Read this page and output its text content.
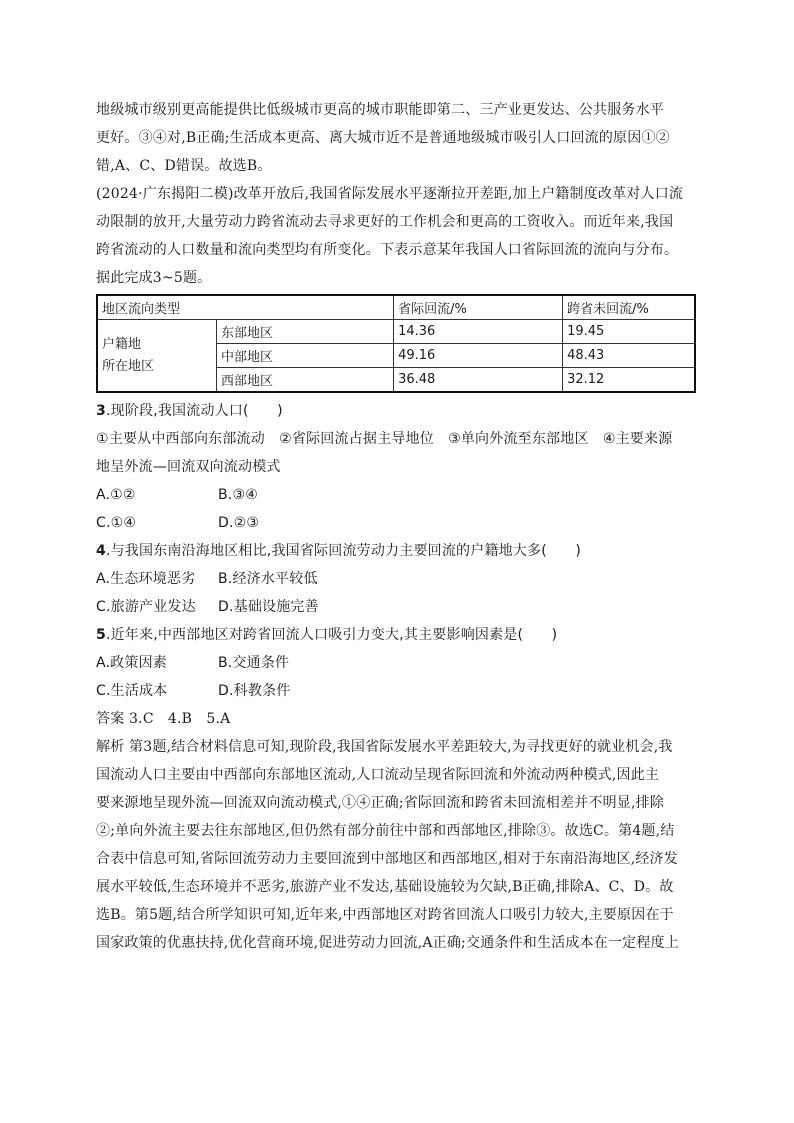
地级城市级别更高能提供比低级城市更高的城市职能即第二、三产业更发达、公共服务水平

更好。③④对,B正确;生活成本更高、离大城市近不是普通地级城市吸引人口回流的原因①②

错,A、C、D错误。故选B。

(2024·广东揭阳二模)改革开放后,我国省际发展水平逐渐拉开差距,加上户籍制度改革对人口流

动限制的放开,大量劳动力跨省流动去寻求更好的工作机会和更高的工资收入。而近年来,我国

跨省流动的人口数量和流向类型均有所变化。下表示意某年我国人口省际回流的流向与分布。

据此完成3~5题。

地区流向类型		省际回流/%	跨省未回流/%

户籍地
所在地区	东部地区	14.36	19.45
	中部地区	49.16	48.43
	西部地区	36.48	32.12

3.现阶段,我国流动人口(　　)

①主要从中西部向东部流动　②省际回流占据主导地位　③单向外流至东部地区　④主要来源

地呈外流—回流双向流动模式

A.①②	B.③④

C.①④	D.②③

4.与我国东南沿海地区相比,我国省际回流劳动力主要回流的户籍地大多(　　)

A.生态环境恶劣	B.经济水平较低

C.旅游产业发达	D.基础设施完善

5.近年来,中西部地区对跨省回流人口吸引力变大,其主要影响因素是(　　)

A.政策因素	B.交通条件

C.生活成本	D.科教条件

答案 3.C　4.B　5.A

解析 第3题,结合材料信息可知,现阶段,我国省际发展水平差距较大,为寻找更好的就业机会,我

国流动人口主要由中西部向东部地区流动,人口流动呈现省际回流和外流动两种模式,因此主

要来源地呈现外流—回流双向流动模式,①④正确;省际回流和跨省未回流相差并不明显,排除

②;单向外流主要去往东部地区,但仍然有部分前往中部和西部地区,排除③。故选C。第4题,结

合表中信息可知,省际回流劳动力主要回流到中部地区和西部地区,相对于东南沿海地区,经济发

展水平较低,生态环境并不恶劣,旅游产业不发达,基础设施较为欠缺,B正确,排除A、C、D。故

选B。第5题,结合所学知识可知,近年来,中西部地区对跨省回流人口吸引力较大,主要原因在于

国家政策的优惠扶持,优化营商环境,促进劳动力回流,A正确;交通条件和生活成本在一定程度上
